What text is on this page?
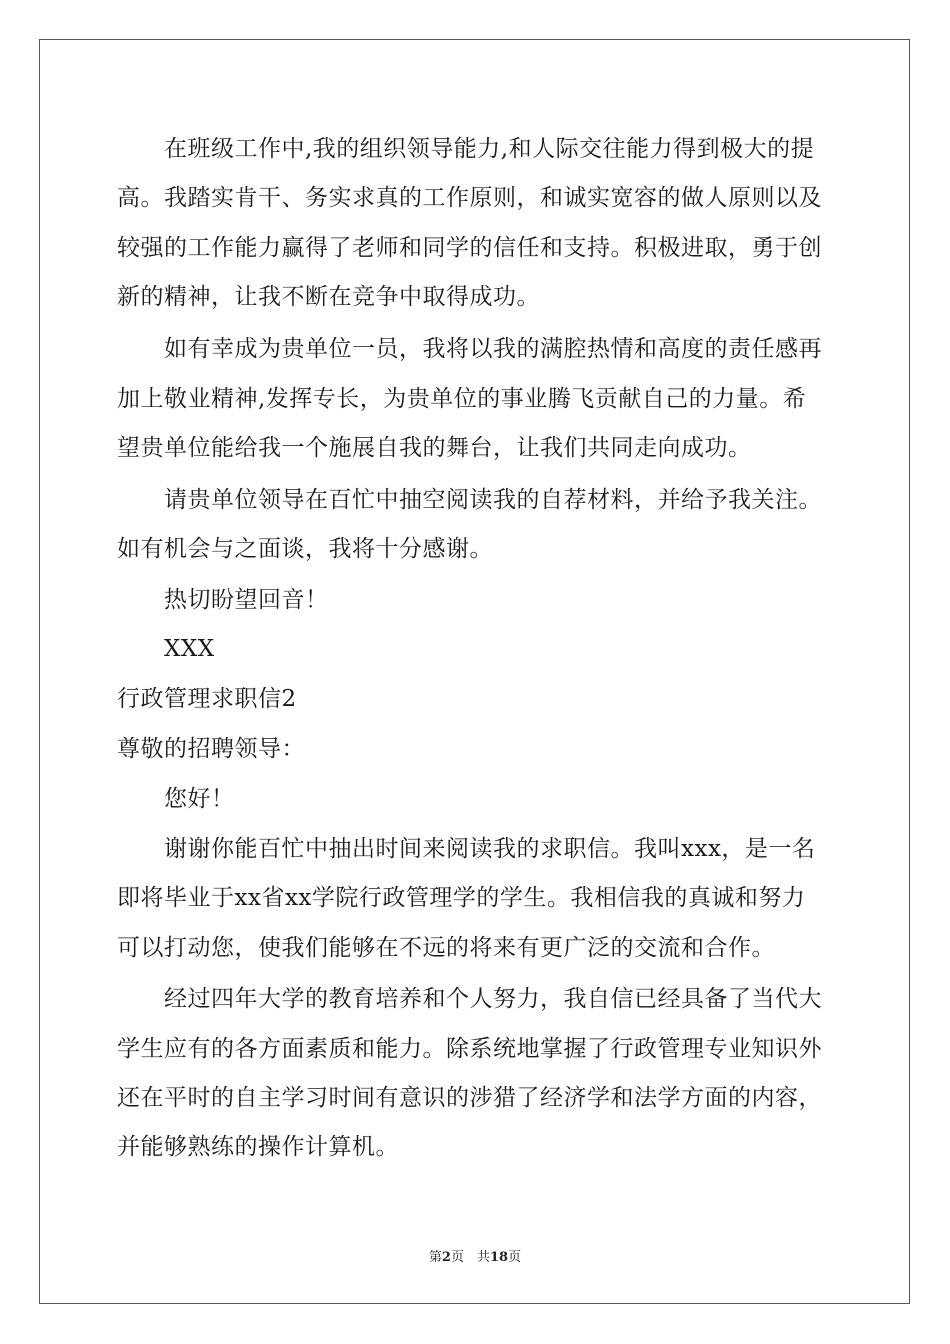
在班级工作中,我的组织领导能力,和人际交往能力得到极大的提
高。我踏实肯干、务实求真的工作原则，和诚实宽容的做人原则以及
较强的工作能力赢得了老师和同学的信任和支持。积极进取，勇于创
新的精神，让我不断在竞争中取得成功。
如有幸成为贵单位一员，我将以我的满腔热情和高度的责任感再
加上敬业精神,发挥专长，为贵单位的事业腾飞贡献自己的力量。希
望贵单位能给我一个施展自我的舞台，让我们共同走向成功。
请贵单位领导在百忙中抽空阅读我的自荐材料，并给予我关注。
如有机会与之面谈，我将十分感谢。
热切盼望回音！
XXX
行政管理求职信2
尊敬的招聘领导：
您好！
谢谢你能百忙中抽出时间来阅读我的求职信。我叫xxx，是一名
即将毕业于xx省xx学院行政管理学的学生。我相信我的真诚和努力
可以打动您，使我们能够在不远的将来有更广泛的交流和合作。
经过四年大学的教育培养和个人努力，我自信已经具备了当代大
学生应有的各方面素质和能力。除系统地掌握了行政管理专业知识外
还在平时的自主学习时间有意识的涉猎了经济学和法学方面的内容，
并能够熟练的操作计算机。
第2页　共18页
